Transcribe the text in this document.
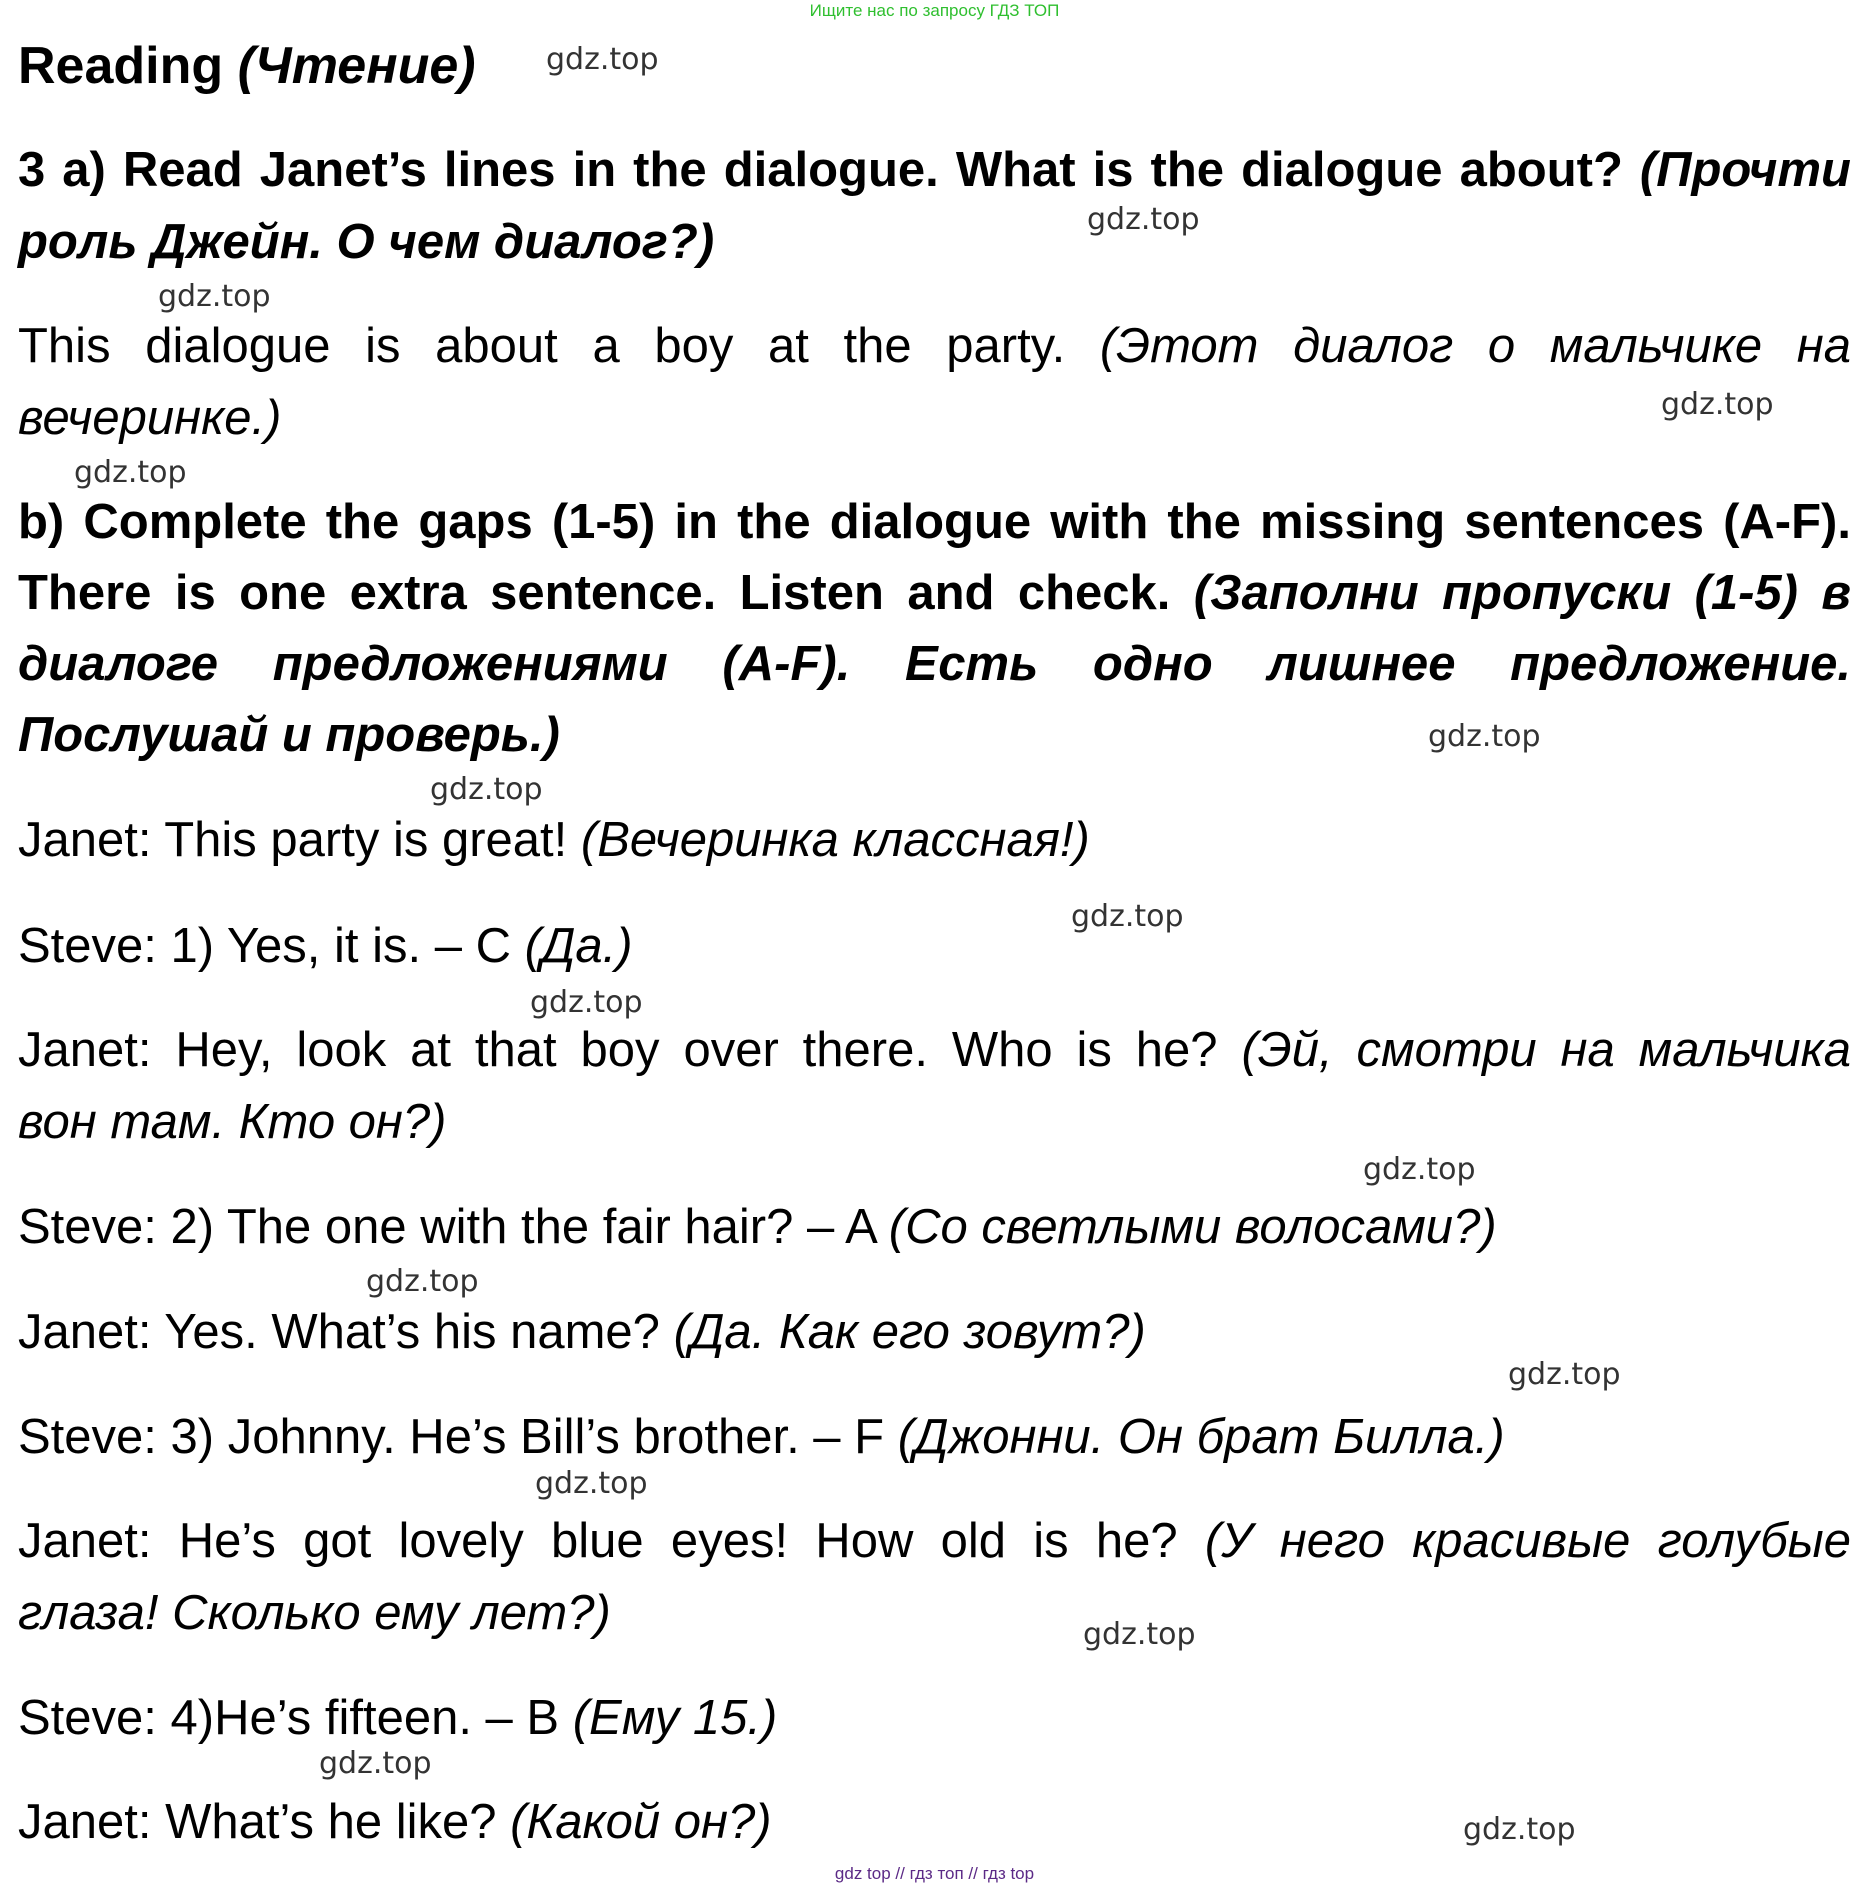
Ищите нас по запросу ГДЗ ТОП
Reading (Чтение)
3 a) Read Janet’s lines in the dialogue. What is the dialogue about? (Прочти
роль Джейн. О чем диалог?)
This dialogue is about a boy at the party. (Этот диалог о мальчике на
вечеринке.)
b) Complete the gaps (1-5) in the dialogue with the missing sentences (A-F).
There is one extra sentence. Listen and check. (Заполни пропуски (1-5) в
диалоге предложениями (A-F). Есть одно лишнее предложение.
Послушай и проверь.)
Janet: This party is great! (Вечеринка классная!)
Steve: 1) Yes, it is. – C (Да.)
Janet: Hey, look at that boy over there. Who is he? (Эй, смотри на мальчика
вон там. Кто он?)
Steve: 2) The one with the fair hair? – A (Со светлыми волосами?)
Janet: Yes. What’s his name? (Да. Как его зовут?)
Steve: 3) Johnny. He’s Bill’s brother. – F (Джонни. Он брат Билла.)
Janet: He’s got lovely blue eyes! How old is he? (У него красивые голубые
глаза! Сколько ему лет?)
Steve: 4)He’s fifteen. – B (Ему 15.)
Janet: What’s he like? (Какой он?)
gdz.top
gdz.top
gdz.top
gdz.top
gdz.top
gdz.top
gdz.top
gdz.top
gdz.top
gdz.top
gdz.top
gdz.top
gdz.top
gdz.top
gdz.top
gdz.top
gdz top // гдз топ // гдз top
